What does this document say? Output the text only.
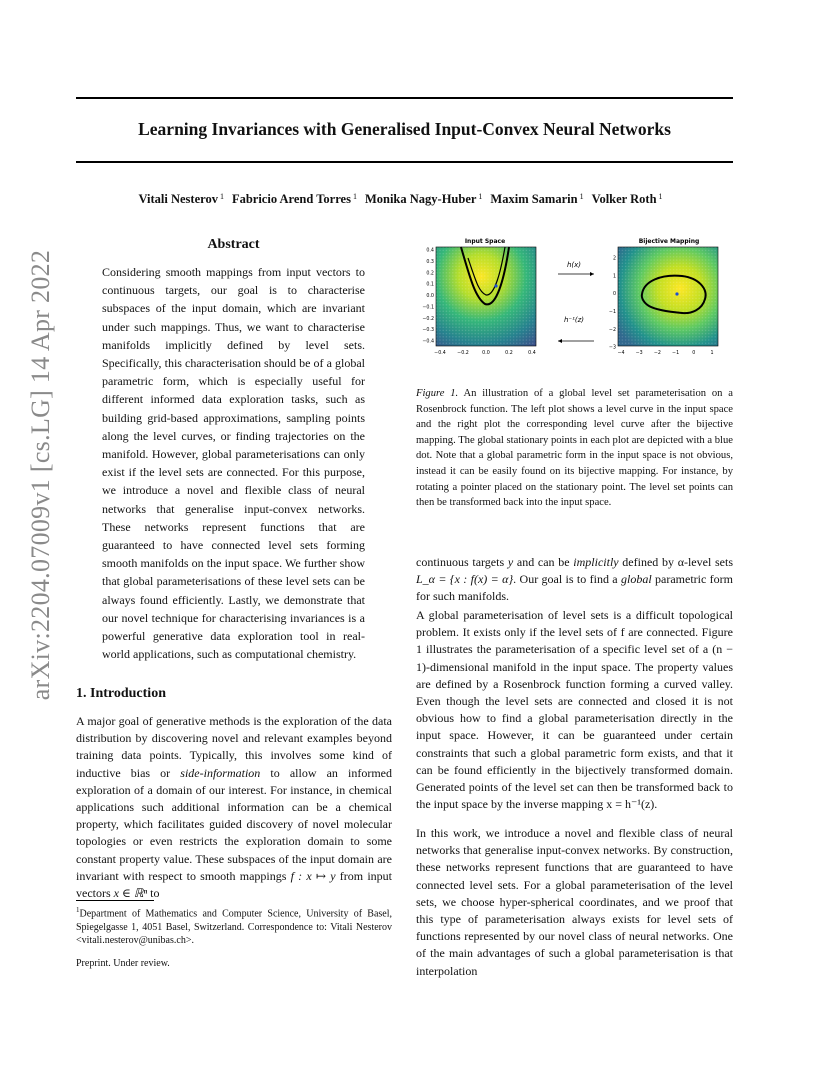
Learning Invariances with Generalised Input-Convex Neural Networks
Vitali Nesterov $^1$ Fabricio Arend Torres $^1$ Monika Nagy-Huber $^1$ Maxim Samarin $^1$ Volker Roth $^1$
arXiv:2204.07009v1 [cs.LG] 14 Apr 2022
Abstract
Considering smooth mappings from input vectors to continuous targets, our goal is to characterise subspaces of the input domain, which are invariant under such mappings. Thus, we want to characterise manifolds implicitly defined by level sets. Specifically, this characterisation should be of a global parametric form, which is especially useful for different informed data exploration tasks, such as building grid-based approximations, sampling points along the level curves, or finding trajectories on the manifold. However, global parameterisations can only exist if the level sets are connected. For this purpose, we introduce a novel and flexible class of neural networks that generalise input-convex networks. These networks represent functions that are guaranteed to have connected level sets forming smooth manifolds on the input space. We further show that global parameterisations of these level sets can be always found efficiently. Lastly, we demonstrate that our novel technique for characterising invariances is a powerful generative data exploration tool in real-world applications, such as computational chemistry.
1. Introduction

A major goal of generative methods is the exploration of the data distribution by discovering novel and relevant examples beyond training data points. Typically, this involves some kind of inductive bias or side-information to allow an informed exploration of a domain of our interest. For instance, in chemical applications such additional information can be a chemical property, which facilitates guided discovery of novel molecular topologies or even restricts the exploration domain to some constant property value. These subspaces of the input domain are invariant with respect to smooth mappings f : x ↦ y from input vectors x ∈ ℝⁿ to

$^1$Department of Mathematics and Computer Science, University of Basel, Spiegelgasse 1, 4051 Basel, Switzerland. Correspondence to: Vitali Nesterov <vitali.nesterov@unibas.ch>.
Preprint. Under review.
Input Space
0.4
0.3
0.2
0.1
0.0
−0.1
−0.2
−0.3
−0.4
−0.4 −0.2	0.0	0.2	0.4
h(x)
h⁻¹(z)
Bijective Mapping
2
1
0
−1
−2
−3
−4 −3 −2 −1	0	1
Figure 1. An illustration of a global level set parameterisation on a Rosenbrock function. The left plot shows a level curve in the input space and the right plot the corresponding level curve after the bijective mapping. The global stationary points in each plot are depicted with a blue dot. Note that a global parametric form in the input space is not obvious, instead it can be easily found on its bijective mapping. For instance, by rotating a pointer placed on the stationary point. The level set points can then be transformed back into the input space.

continuous targets y and can be implicitly defined by α-level sets L_α = {x : f(x) = α}. Our goal is to find a global parametric form for such manifolds.

A global parameterisation of level sets is a difficult topological problem. It exists only if the level sets of f are connected. Figure 1 illustrates the parameterisation of a specific level set of a (n − 1)-dimensional manifold in the input space. The property values are defined by a Rosenbrock function forming a curved valley. Even though the level sets are connected and closed it is not obvious how to find a global parameterisation directly in the input space. However, it can be guaranteed under certain constraints that such a global parametric form exists, and that it can be found efficiently in the bijectively transformed domain. Generated points of the level set can then be transformed back to the input space by the inverse mapping x = h⁻¹(z).

In this work, we introduce a novel and flexible class of neural networks that generalise input-convex networks. By construction, these networks represent functions that are guaranteed to have connected level sets. For a global parameterisation of the level sets, we choose hyper-spherical coordinates, and we proof that this type of parameterisation always exists for level sets of functions represented by our novel class of neural networks. One of the main advantages of such a global parameterisation is that interpolation
